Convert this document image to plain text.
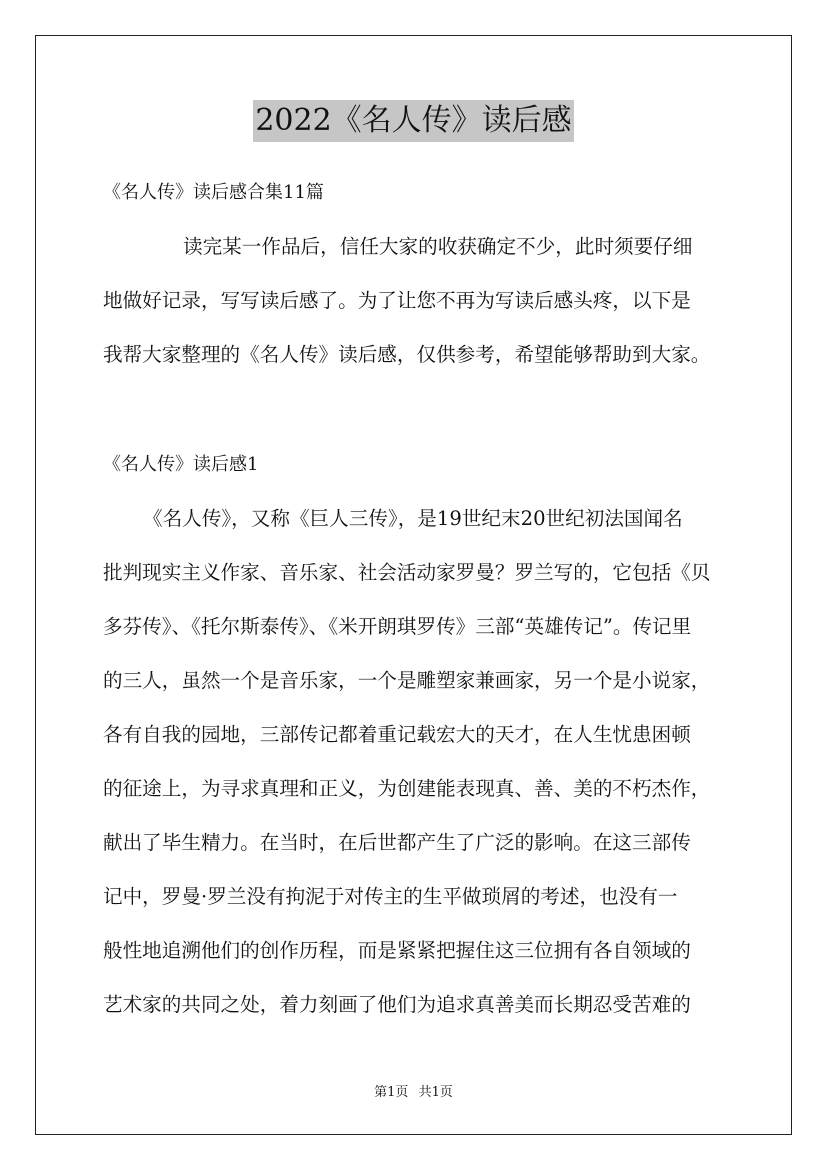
2022《名人传》读后感
《名人传》读后感合集11篇
读完某一作品后，信任大家的收获确定不少，此时须要仔细
地做好记录，写写读后感了。为了让您不再为写读后感头疼，以下是
我帮大家整理的《名人传》读后感，仅供参考，希望能够帮助到大家。
《名人传》读后感1
《名人传》，又称《巨人三传》，是19世纪末20世纪初法国闻名
批判现实主义作家、音乐家、社会活动家罗曼？罗兰写的，它包括《贝
多芬传》、《托尔斯泰传》、《米开朗琪罗传》三部“英雄传记”。传记里
的三人，虽然一个是音乐家，一个是雕塑家兼画家，另一个是小说家，
各有自我的园地，三部传记都着重记载宏大的天才，在人生忧患困顿
的征途上，为寻求真理和正义，为创建能表现真、善、美的不朽杰作，
献出了毕生精力。在当时，在后世都产生了广泛的影响。在这三部传
记中，罗曼·罗兰没有拘泥于对传主的生平做琐屑的考述，也没有一
般性地追溯他们的创作历程，而是紧紧把握住这三位拥有各自领域的
艺术家的共同之处，着力刻画了他们为追求真善美而长期忍受苦难的
第1页 共1页
